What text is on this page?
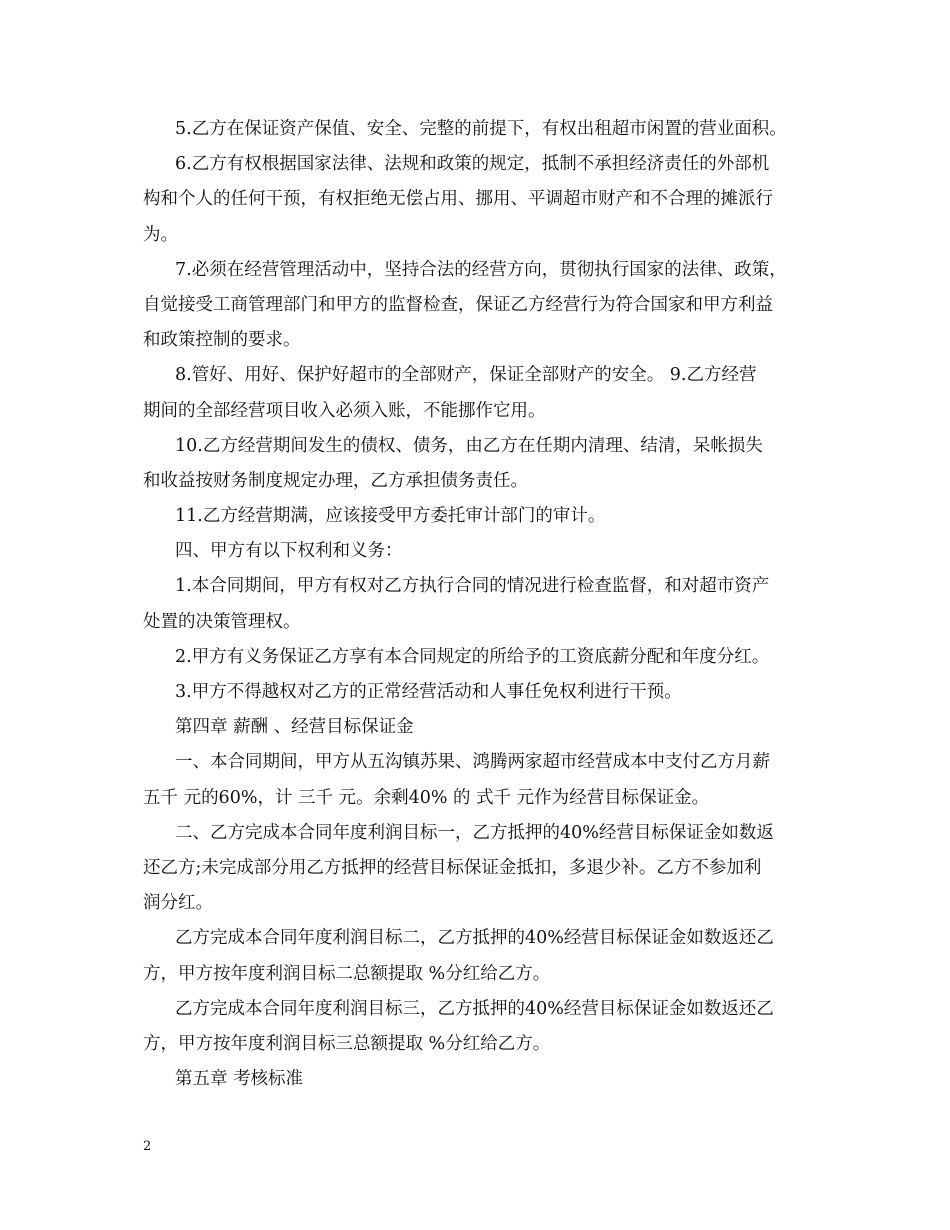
5.乙方在保证资产保值、安全、完整的前提下，有权出租超市闲置的营业面积。
6.乙方有权根据国家法律、法规和政策的规定，抵制不承担经济责任的外部机
构和个人的任何干预，有权拒绝无偿占用、挪用、平调超市财产和不合理的摊派行
为。
7.必须在经营管理活动中，坚持合法的经营方向，贯彻执行国家的法律、政策，
自觉接受工商管理部门和甲方的监督检查，保证乙方经营行为符合国家和甲方利益
和政策控制的要求。
8.管好、用好、保护好超市的全部财产，保证全部财产的安全。 9.乙方经营
期间的全部经营项目收入必须入账，不能挪作它用。
10.乙方经营期间发生的债权、债务，由乙方在任期内清理、结清，呆帐损失
和收益按财务制度规定办理，乙方承担债务责任。
11.乙方经营期满，应该接受甲方委托审计部门的审计。
四、甲方有以下权利和义务：
1.本合同期间，甲方有权对乙方执行合同的情况进行检查监督，和对超市资产
处置的决策管理权。
2.甲方有义务保证乙方享有本合同规定的所给予的工资底薪分配和年度分红。
3.甲方不得越权对乙方的正常经营活动和人事任免权利进行干预。
第四章 薪酬 、经营目标保证金
一、本合同期间，甲方从五沟镇苏果、鸿腾两家超市经营成本中支付乙方月薪
五千 元的60%，计 三千 元。余剩40% 的 式千 元作为经营目标保证金。
二、乙方完成本合同年度利润目标一，乙方抵押的40%经营目标保证金如数返
还乙方;未完成部分用乙方抵押的经营目标保证金抵扣，多退少补。乙方不参加利
润分红。
乙方完成本合同年度利润目标二，乙方抵押的40%经营目标保证金如数返还乙
方，甲方按年度利润目标二总额提取 %分红给乙方。
乙方完成本合同年度利润目标三，乙方抵押的40%经营目标保证金如数返还乙
方，甲方按年度利润目标三总额提取 %分红给乙方。
第五章 考核标准
2
